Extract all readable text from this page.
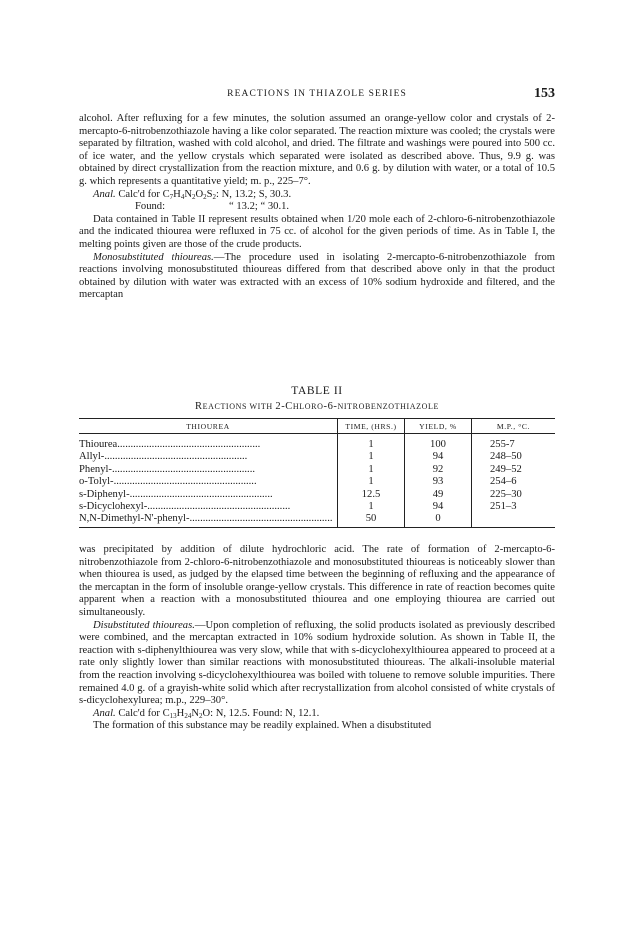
REACTIONS IN THIAZOLE SERIES	153

alcohol. After refluxing for a few minutes, the solution assumed an orange-yellow color and crystals of 2-mercapto-6-nitrobenzothiazole having a like color separated. The reaction mixture was cooled; the crystals were separated by filtration, washed with cold alcohol, and dried. The filtrate and washings were poured into 500 cc. of ice water, and the yellow crystals which separated were isolated as described above. Thus, 9.9 g. was obtained by direct crystallization from the reaction mixture, and 0.6 g. by dilution with water, or a total of 10.5 g. which represents a quantitative yield; m. p., 225–7°.

Anal. Calc'd for $C_7H_4N_2O_2S_2$: N, 13.2; S, 30.3.

Found:	“ 13.2; “ 30.1.

Data contained in Table II represent results obtained when 1/20 mole each of 2-chloro-6-nitrobenzothiazole and the indicated thiourea were refluxed in 75 cc. of alcohol for the given periods of time. As in Table I, the melting points given are those of the crude products.

Monosubstituted thioureas.—The procedure used in isolating 2-mercapto-6-nitrobenzothiazole from reactions involving monosubstituted thioureas differed from that described above only in that the product obtained by dilution with water was extracted with an excess of 10% sodium hydroxide and filtered, and the mercaptan

TABLE II
REACTIONS WITH 2-CHLORO-6-NITROBENZOTHIAZOLE
THIOUREA	TIME, (HRS.)	YIELD, %	M.P., °C.
Thiourea......................................................	1	100	255-7
Allyl-......................................................	1	94	248–50
Phenyl-......................................................	1	92	249–52
o-Tolyl-......................................................	1	93	254–6
s-Diphenyl-......................................................	12.5	49	225–30
s-Dicyclohexyl-......................................................	1	94	251–3
N,N-Dimethyl-N'-phenyl-......................................................	50	0	

was precipitated by addition of dilute hydrochloric acid. The rate of formation of 2-mercapto-6-nitrobenzothiazole from 2-chloro-6-nitrobenzothiazole and monosubstituted thioureas is noticeably slower than when thiourea is used, as judged by the elapsed time between the beginning of refluxing and the appearance of the mercaptan in the form of insoluble orange-yellow crystals. This difference in rate of reaction becomes quite apparent when a reaction with a monosubstituted thiourea and one employing thiourea are carried out simultaneously.

Disubstituted thioureas.—Upon completion of refluxing, the solid products isolated as previously described were combined, and the mercaptan extracted in 10% sodium hydroxide solution. As shown in Table II, the reaction with s-diphenylthiourea was very slow, while that with s-dicyclohexylthiourea appeared to proceed at a rate only slightly lower than similar reactions with monosubstituted thioureas. The alkali-insoluble material from the reaction involving s-dicyclohexylthiourea was boiled with toluene to remove soluble impurities. There remained 4.0 g. of a grayish-white solid which after recrystallization from alcohol consisted of white crystals of s-dicyclohexylurea; m.p., 229–30°.

Anal. Calc'd for $C_{13}H_{24}N_2O$: N, 12.5. Found: N, 12.1.

The formation of this substance may be readily explained. When a disubstituted
